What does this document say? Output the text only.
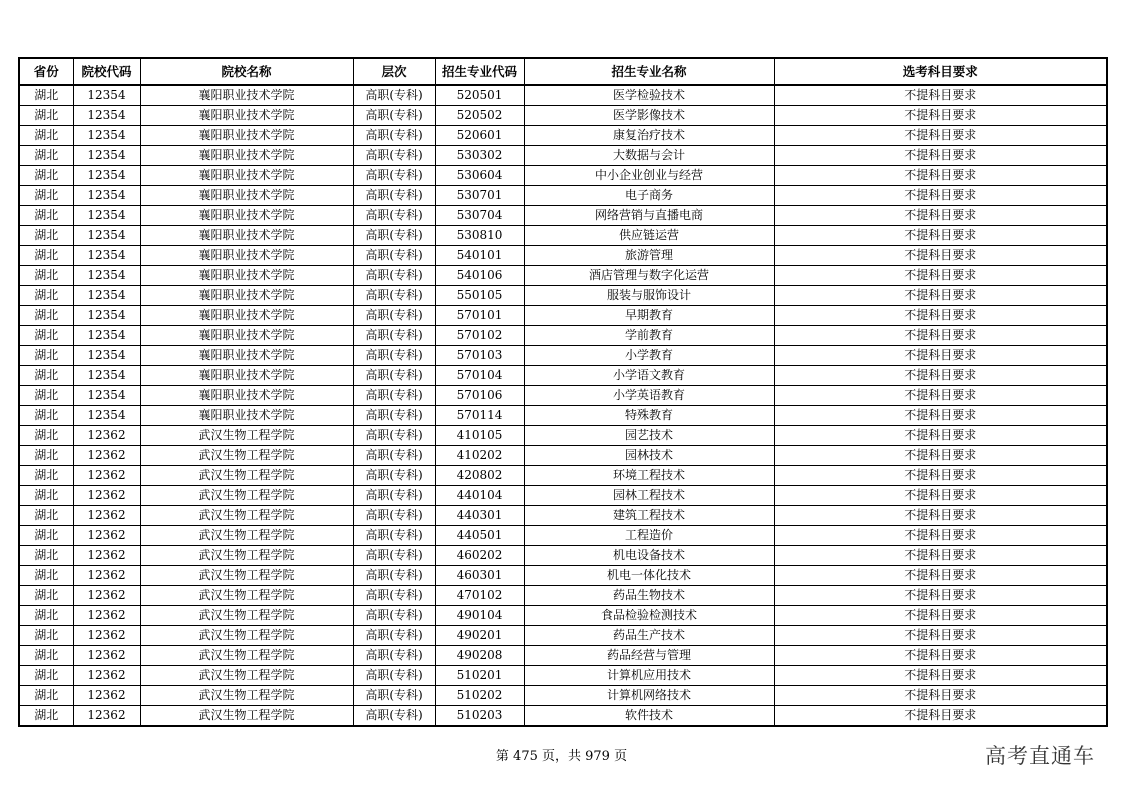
省份	院校代码	院校名称	层次	招生专业代码	招生专业名称	选考科目要求
湖北	12354	襄阳职业技术学院	高职(专科)	520501	医学检验技术	不提科目要求
湖北	12354	襄阳职业技术学院	高职(专科)	520502	医学影像技术	不提科目要求
湖北	12354	襄阳职业技术学院	高职(专科)	520601	康复治疗技术	不提科目要求
湖北	12354	襄阳职业技术学院	高职(专科)	530302	大数据与会计	不提科目要求
湖北	12354	襄阳职业技术学院	高职(专科)	530604	中小企业创业与经营	不提科目要求
湖北	12354	襄阳职业技术学院	高职(专科)	530701	电子商务	不提科目要求
湖北	12354	襄阳职业技术学院	高职(专科)	530704	网络营销与直播电商	不提科目要求
湖北	12354	襄阳职业技术学院	高职(专科)	530810	供应链运营	不提科目要求
湖北	12354	襄阳职业技术学院	高职(专科)	540101	旅游管理	不提科目要求
湖北	12354	襄阳职业技术学院	高职(专科)	540106	酒店管理与数字化运营	不提科目要求
湖北	12354	襄阳职业技术学院	高职(专科)	550105	服装与服饰设计	不提科目要求
湖北	12354	襄阳职业技术学院	高职(专科)	570101	早期教育	不提科目要求
湖北	12354	襄阳职业技术学院	高职(专科)	570102	学前教育	不提科目要求
湖北	12354	襄阳职业技术学院	高职(专科)	570103	小学教育	不提科目要求
湖北	12354	襄阳职业技术学院	高职(专科)	570104	小学语文教育	不提科目要求
湖北	12354	襄阳职业技术学院	高职(专科)	570106	小学英语教育	不提科目要求
湖北	12354	襄阳职业技术学院	高职(专科)	570114	特殊教育	不提科目要求
湖北	12362	武汉生物工程学院	高职(专科)	410105	园艺技术	不提科目要求
湖北	12362	武汉生物工程学院	高职(专科)	410202	园林技术	不提科目要求
湖北	12362	武汉生物工程学院	高职(专科)	420802	环境工程技术	不提科目要求
湖北	12362	武汉生物工程学院	高职(专科)	440104	园林工程技术	不提科目要求
湖北	12362	武汉生物工程学院	高职(专科)	440301	建筑工程技术	不提科目要求
湖北	12362	武汉生物工程学院	高职(专科)	440501	工程造价	不提科目要求
湖北	12362	武汉生物工程学院	高职(专科)	460202	机电设备技术	不提科目要求
湖北	12362	武汉生物工程学院	高职(专科)	460301	机电一体化技术	不提科目要求
湖北	12362	武汉生物工程学院	高职(专科)	470102	药品生物技术	不提科目要求
湖北	12362	武汉生物工程学院	高职(专科)	490104	食品检验检测技术	不提科目要求
湖北	12362	武汉生物工程学院	高职(专科)	490201	药品生产技术	不提科目要求
湖北	12362	武汉生物工程学院	高职(专科)	490208	药品经营与管理	不提科目要求
湖北	12362	武汉生物工程学院	高职(专科)	510201	计算机应用技术	不提科目要求
湖北	12362	武汉生物工程学院	高职(专科)	510202	计算机网络技术	不提科目要求
湖北	12362	武汉生物工程学院	高职(专科)	510203	软件技术	不提科目要求
第 475 页，共 979 页	高考直通车
